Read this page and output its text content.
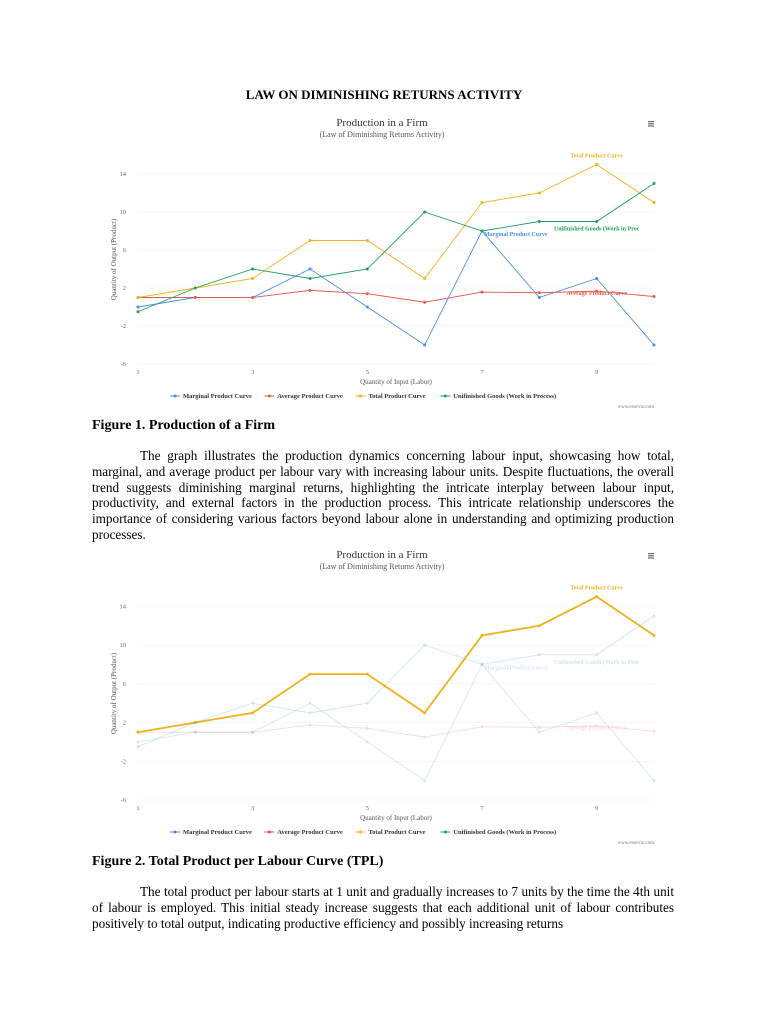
LAW ON DIMINISHING RETURNS ACTIVITY
Production in a Firm
(Law of Diminishing Returns Activity)
-6
-2
2
6
10
14
1	3	5	7	9
Quantity of Input (Labor)
Quantity of Output (Product)	Marginal Product Curve
Average Product Curve
Total Product Curve
Unifinished Goods (Work in Proc
Marginal Product Curve	Average Product Curve	Total Product Curve	Unifinished Goods (Work in Process)
www.everviz.com
Figure 1. Production of a Firm
The graph illustrates the production dynamics concerning labour input, showcasing how total, marginal, and average product per labour vary with increasing labour units. Despite fluctuations, the overall trend suggests diminishing marginal returns, highlighting the intricate interplay between labour input, productivity, and external factors in the production process. This intricate relationship underscores the importance of considering various factors beyond labour alone in understanding and optimizing production processes.
Production in a Firm
(Law of Diminishing Returns Activity)
-6
-2
2
6
10
14
1	3	5	7	9
Quantity of Input (Labor)
Quantity of Output (Product)	Marginal Product Curve
Average Product Curve
Total Product Curve
Unifinished Goods (Work in Proc
Marginal Product Curve	Average Product Curve	Total Product Curve	Unifinished Goods (Work in Process)
www.everviz.com
Figure 2. Total Product per Labour Curve (TPL)
The total product per labour starts at 1 unit and gradually increases to 7 units by the time the 4th unit of labour is employed. This initial steady increase suggests that each additional unit of labour contributes positively to total output, indicating productive efficiency and possibly increasing returns
